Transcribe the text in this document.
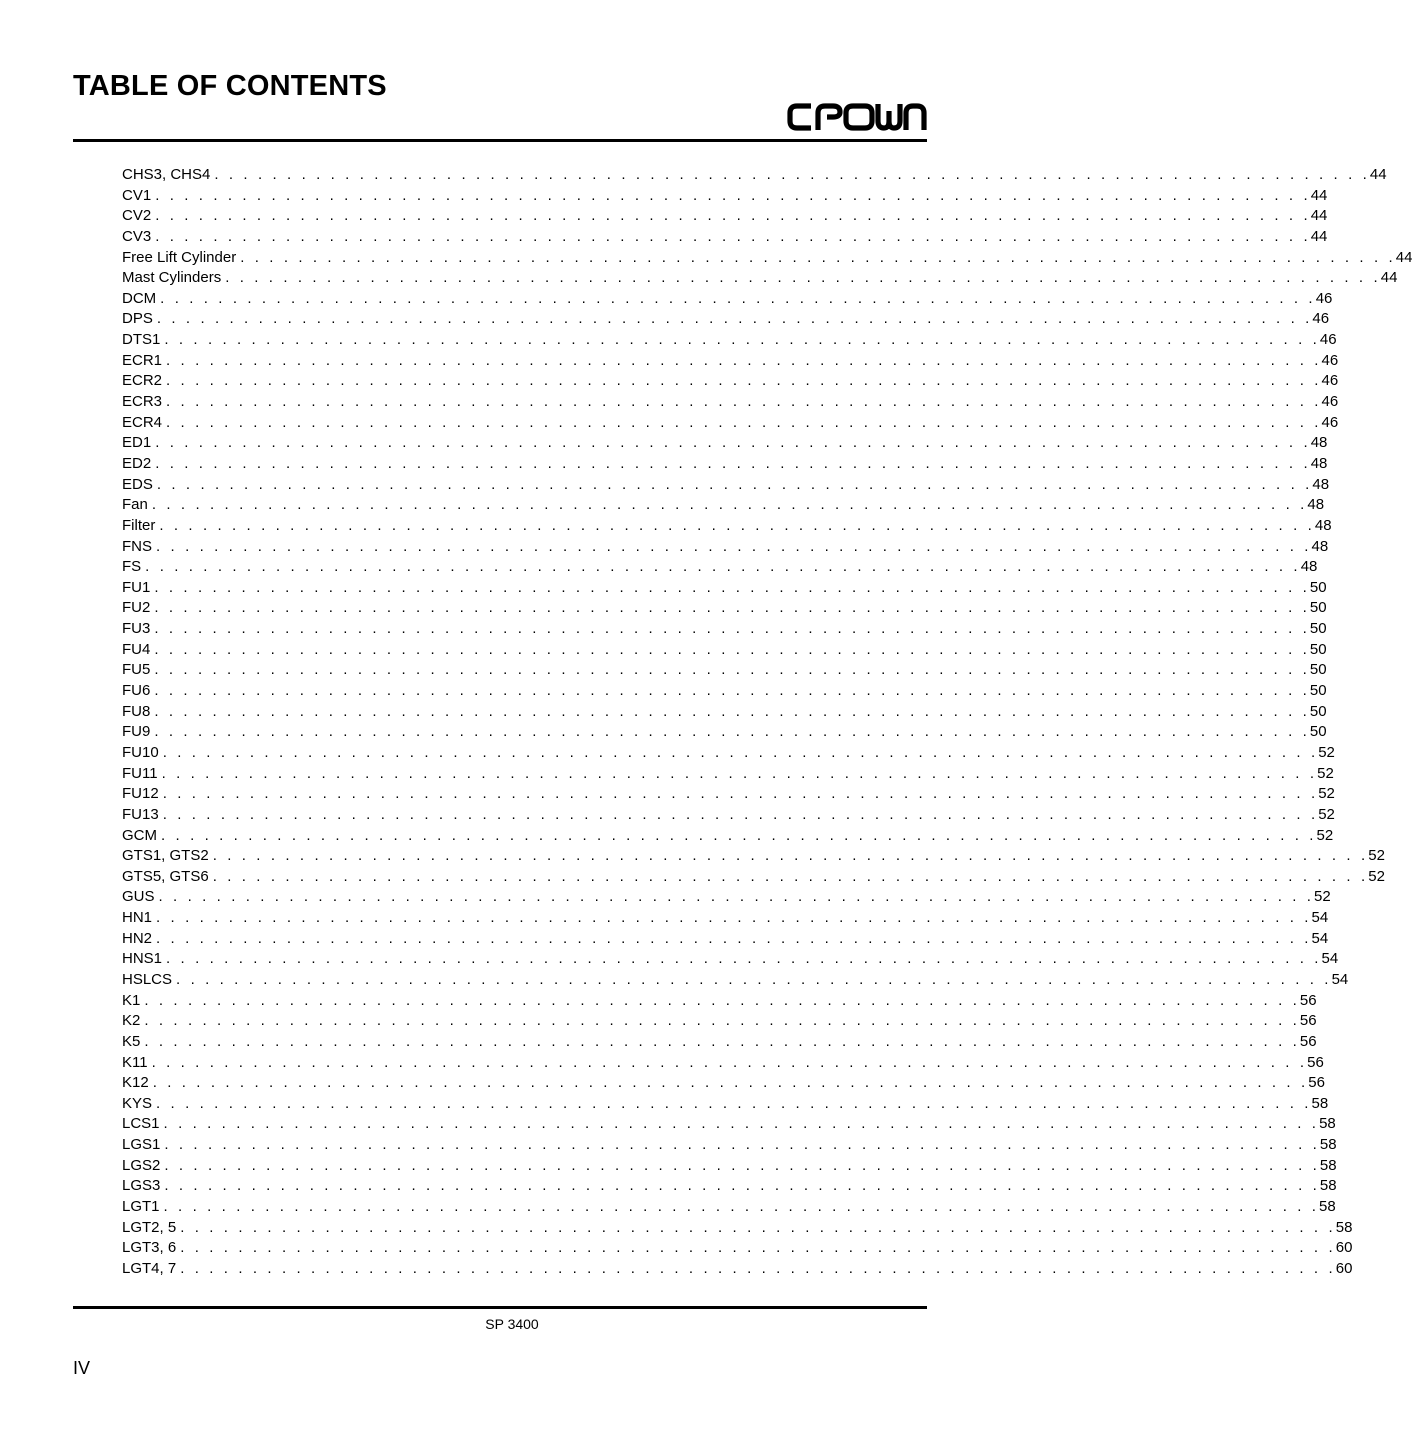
TABLE OF CONTENTS
CHS3, CHS4 . . . . . . . . . . . . . . . . . . . . . . . . . . . . . . . . . . . . . . . . . . . . . . . . . . . . . . . . . . . . . . . . . . . . . . . . . . . . . . . . 44
CV1 . . . . . . . . . . . . . . . . . . . . . . . . . . . . . . . . . . . . . . . . . . . . . . . . . . . . . . . . . . . . . . . . . . . . . . . . . . . . . . . . 44
CV2 . . . . . . . . . . . . . . . . . . . . . . . . . . . . . . . . . . . . . . . . . . . . . . . . . . . . . . . . . . . . . . . . . . . . . . . . . . . . . . . . 44
CV3 . . . . . . . . . . . . . . . . . . . . . . . . . . . . . . . . . . . . . . . . . . . . . . . . . . . . . . . . . . . . . . . . . . . . . . . . . . . . . . . . 44
Free Lift Cylinder . . . . . . . . . . . . . . . . . . . . . . . . . . . . . . . . . . . . . . . . . . . . . . . . . . . . . . . . . . . . . . . . . . . . . . . . . . . . . . . . 44
Mast Cylinders . . . . . . . . . . . . . . . . . . . . . . . . . . . . . . . . . . . . . . . . . . . . . . . . . . . . . . . . . . . . . . . . . . . . . . . . . . . . . . . . 44
DCM . . . . . . . . . . . . . . . . . . . . . . . . . . . . . . . . . . . . . . . . . . . . . . . . . . . . . . . . . . . . . . . . . . . . . . . . . . . . . . . . 46
DPS . . . . . . . . . . . . . . . . . . . . . . . . . . . . . . . . . . . . . . . . . . . . . . . . . . . . . . . . . . . . . . . . . . . . . . . . . . . . . . . . 46
DTS1 . . . . . . . . . . . . . . . . . . . . . . . . . . . . . . . . . . . . . . . . . . . . . . . . . . . . . . . . . . . . . . . . . . . . . . . . . . . . . . . . 46
ECR1 . . . . . . . . . . . . . . . . . . . . . . . . . . . . . . . . . . . . . . . . . . . . . . . . . . . . . . . . . . . . . . . . . . . . . . . . . . . . . . . . 46
ECR2 . . . . . . . . . . . . . . . . . . . . . . . . . . . . . . . . . . . . . . . . . . . . . . . . . . . . . . . . . . . . . . . . . . . . . . . . . . . . . . . . 46
ECR3 . . . . . . . . . . . . . . . . . . . . . . . . . . . . . . . . . . . . . . . . . . . . . . . . . . . . . . . . . . . . . . . . . . . . . . . . . . . . . . . . 46
ECR4 . . . . . . . . . . . . . . . . . . . . . . . . . . . . . . . . . . . . . . . . . . . . . . . . . . . . . . . . . . . . . . . . . . . . . . . . . . . . . . . . 46
ED1 . . . . . . . . . . . . . . . . . . . . . . . . . . . . . . . . . . . . . . . . . . . . . . . . . . . . . . . . . . . . . . . . . . . . . . . . . . . . . . . . 48
ED2 . . . . . . . . . . . . . . . . . . . . . . . . . . . . . . . . . . . . . . . . . . . . . . . . . . . . . . . . . . . . . . . . . . . . . . . . . . . . . . . . 48
EDS . . . . . . . . . . . . . . . . . . . . . . . . . . . . . . . . . . . . . . . . . . . . . . . . . . . . . . . . . . . . . . . . . . . . . . . . . . . . . . . . 48
Fan . . . . . . . . . . . . . . . . . . . . . . . . . . . . . . . . . . . . . . . . . . . . . . . . . . . . . . . . . . . . . . . . . . . . . . . . . . . . . . . . 48
Filter . . . . . . . . . . . . . . . . . . . . . . . . . . . . . . . . . . . . . . . . . . . . . . . . . . . . . . . . . . . . . . . . . . . . . . . . . . . . . . . . 48
FNS . . . . . . . . . . . . . . . . . . . . . . . . . . . . . . . . . . . . . . . . . . . . . . . . . . . . . . . . . . . . . . . . . . . . . . . . . . . . . . . . 48
FS . . . . . . . . . . . . . . . . . . . . . . . . . . . . . . . . . . . . . . . . . . . . . . . . . . . . . . . . . . . . . . . . . . . . . . . . . . . . . . . . 48
FU1 . . . . . . . . . . . . . . . . . . . . . . . . . . . . . . . . . . . . . . . . . . . . . . . . . . . . . . . . . . . . . . . . . . . . . . . . . . . . . . . . 50
FU2 . . . . . . . . . . . . . . . . . . . . . . . . . . . . . . . . . . . . . . . . . . . . . . . . . . . . . . . . . . . . . . . . . . . . . . . . . . . . . . . . 50
FU3 . . . . . . . . . . . . . . . . . . . . . . . . . . . . . . . . . . . . . . . . . . . . . . . . . . . . . . . . . . . . . . . . . . . . . . . . . . . . . . . . 50
FU4 . . . . . . . . . . . . . . . . . . . . . . . . . . . . . . . . . . . . . . . . . . . . . . . . . . . . . . . . . . . . . . . . . . . . . . . . . . . . . . . . 50
FU5 . . . . . . . . . . . . . . . . . . . . . . . . . . . . . . . . . . . . . . . . . . . . . . . . . . . . . . . . . . . . . . . . . . . . . . . . . . . . . . . . 50
FU6 . . . . . . . . . . . . . . . . . . . . . . . . . . . . . . . . . . . . . . . . . . . . . . . . . . . . . . . . . . . . . . . . . . . . . . . . . . . . . . . . 50
FU8 . . . . . . . . . . . . . . . . . . . . . . . . . . . . . . . . . . . . . . . . . . . . . . . . . . . . . . . . . . . . . . . . . . . . . . . . . . . . . . . . 50
FU9 . . . . . . . . . . . . . . . . . . . . . . . . . . . . . . . . . . . . . . . . . . . . . . . . . . . . . . . . . . . . . . . . . . . . . . . . . . . . . . . . 50
FU10 . . . . . . . . . . . . . . . . . . . . . . . . . . . . . . . . . . . . . . . . . . . . . . . . . . . . . . . . . . . . . . . . . . . . . . . . . . . . . . . . 52
FU11 . . . . . . . . . . . . . . . . . . . . . . . . . . . . . . . . . . . . . . . . . . . . . . . . . . . . . . . . . . . . . . . . . . . . . . . . . . . . . . . . 52
FU12 . . . . . . . . . . . . . . . . . . . . . . . . . . . . . . . . . . . . . . . . . . . . . . . . . . . . . . . . . . . . . . . . . . . . . . . . . . . . . . . . 52
FU13 . . . . . . . . . . . . . . . . . . . . . . . . . . . . . . . . . . . . . . . . . . . . . . . . . . . . . . . . . . . . . . . . . . . . . . . . . . . . . . . . 52
GCM . . . . . . . . . . . . . . . . . . . . . . . . . . . . . . . . . . . . . . . . . . . . . . . . . . . . . . . . . . . . . . . . . . . . . . . . . . . . . . . . 52
GTS1, GTS2 . . . . . . . . . . . . . . . . . . . . . . . . . . . . . . . . . . . . . . . . . . . . . . . . . . . . . . . . . . . . . . . . . . . . . . . . . . . . . . . . 52
GTS5, GTS6 . . . . . . . . . . . . . . . . . . . . . . . . . . . . . . . . . . . . . . . . . . . . . . . . . . . . . . . . . . . . . . . . . . . . . . . . . . . . . . . . 52
GUS . . . . . . . . . . . . . . . . . . . . . . . . . . . . . . . . . . . . . . . . . . . . . . . . . . . . . . . . . . . . . . . . . . . . . . . . . . . . . . . . 52
HN1 . . . . . . . . . . . . . . . . . . . . . . . . . . . . . . . . . . . . . . . . . . . . . . . . . . . . . . . . . . . . . . . . . . . . . . . . . . . . . . . . 54
HN2 . . . . . . . . . . . . . . . . . . . . . . . . . . . . . . . . . . . . . . . . . . . . . . . . . . . . . . . . . . . . . . . . . . . . . . . . . . . . . . . . 54
HNS1 . . . . . . . . . . . . . . . . . . . . . . . . . . . . . . . . . . . . . . . . . . . . . . . . . . . . . . . . . . . . . . . . . . . . . . . . . . . . . . . . 54
HSLCS . . . . . . . . . . . . . . . . . . . . . . . . . . . . . . . . . . . . . . . . . . . . . . . . . . . . . . . . . . . . . . . . . . . . . . . . . . . . . . . . 54
K1 . . . . . . . . . . . . . . . . . . . . . . . . . . . . . . . . . . . . . . . . . . . . . . . . . . . . . . . . . . . . . . . . . . . . . . . . . . . . . . . . 56
K2 . . . . . . . . . . . . . . . . . . . . . . . . . . . . . . . . . . . . . . . . . . . . . . . . . . . . . . . . . . . . . . . . . . . . . . . . . . . . . . . . 56
K5 . . . . . . . . . . . . . . . . . . . . . . . . . . . . . . . . . . . . . . . . . . . . . . . . . . . . . . . . . . . . . . . . . . . . . . . . . . . . . . . . 56
K11 . . . . . . . . . . . . . . . . . . . . . . . . . . . . . . . . . . . . . . . . . . . . . . . . . . . . . . . . . . . . . . . . . . . . . . . . . . . . . . . . 56
K12 . . . . . . . . . . . . . . . . . . . . . . . . . . . . . . . . . . . . . . . . . . . . . . . . . . . . . . . . . . . . . . . . . . . . . . . . . . . . . . . . 56
KYS . . . . . . . . . . . . . . . . . . . . . . . . . . . . . . . . . . . . . . . . . . . . . . . . . . . . . . . . . . . . . . . . . . . . . . . . . . . . . . . . 58
LCS1 . . . . . . . . . . . . . . . . . . . . . . . . . . . . . . . . . . . . . . . . . . . . . . . . . . . . . . . . . . . . . . . . . . . . . . . . . . . . . . . . 58
LGS1 . . . . . . . . . . . . . . . . . . . . . . . . . . . . . . . . . . . . . . . . . . . . . . . . . . . . . . . . . . . . . . . . . . . . . . . . . . . . . . . . 58
LGS2 . . . . . . . . . . . . . . . . . . . . . . . . . . . . . . . . . . . . . . . . . . . . . . . . . . . . . . . . . . . . . . . . . . . . . . . . . . . . . . . . 58
LGS3 . . . . . . . . . . . . . . . . . . . . . . . . . . . . . . . . . . . . . . . . . . . . . . . . . . . . . . . . . . . . . . . . . . . . . . . . . . . . . . . . 58
LGT1 . . . . . . . . . . . . . . . . . . . . . . . . . . . . . . . . . . . . . . . . . . . . . . . . . . . . . . . . . . . . . . . . . . . . . . . . . . . . . . . . 58
LGT2, 5 . . . . . . . . . . . . . . . . . . . . . . . . . . . . . . . . . . . . . . . . . . . . . . . . . . . . . . . . . . . . . . . . . . . . . . . . . . . . . . . . 58
LGT3, 6 . . . . . . . . . . . . . . . . . . . . . . . . . . . . . . . . . . . . . . . . . . . . . . . . . . . . . . . . . . . . . . . . . . . . . . . . . . . . . . . . 60
LGT4, 7 . . . . . . . . . . . . . . . . . . . . . . . . . . . . . . . . . . . . . . . . . . . . . . . . . . . . . . . . . . . . . . . . . . . . . . . . . . . . . . . . 60
SP 3400
IV
